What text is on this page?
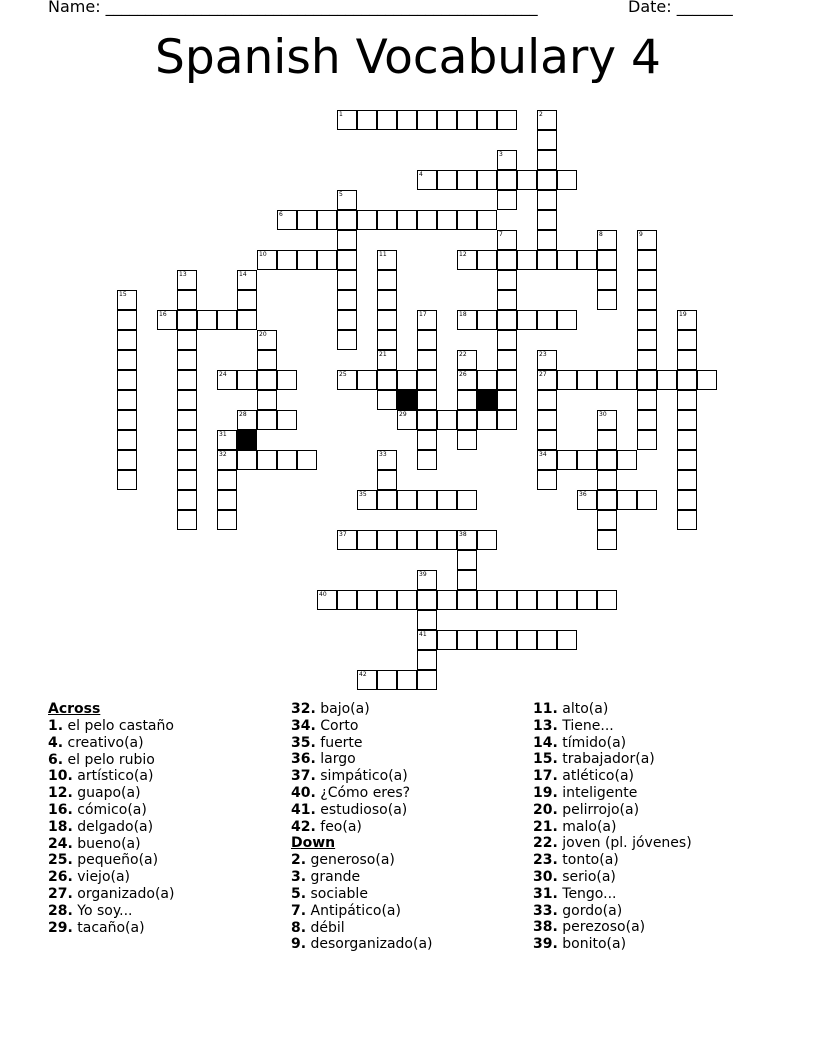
Name: ______________________________________________________	Date: _______
Spanish Vocabulary 4
1	2
3
4
5
6
7	8	9
10	11	12
13	14
15
16	17	18	19
20
21	22
26
23
27
34
24	25
28	29	30
31
32	33
35	36
37	38
39
41
40
42
Across
1. el pelo castaño
4. creativo(a)
6. el pelo rubio
10. artístico(a)
12. guapo(a)
16. cómico(a)
18. delgado(a)
24. bueno(a)
25. pequeño(a)
26. viejo(a)
27. organizado(a)
28. Yo soy...
29. tacaño(a)
32. bajo(a)
34. Corto
35. fuerte
36. largo
37. simpático(a)
40. ¿Cómo eres?
41. estudioso(a)
42. feo(a)
Down
2. generoso(a)
3. grande
5. sociable
7. Antipático(a)
8. débil
9. desorganizado(a)
11. alto(a)
13. Tiene...
14. tímido(a)
15. trabajador(a)
17. atlético(a)
19. inteligente
20. pelirrojo(a)
21. malo(a)
22. joven (pl. jóvenes)
23. tonto(a)
30. serio(a)
31. Tengo...
33. gordo(a)
38. perezoso(a)
39. bonito(a)
